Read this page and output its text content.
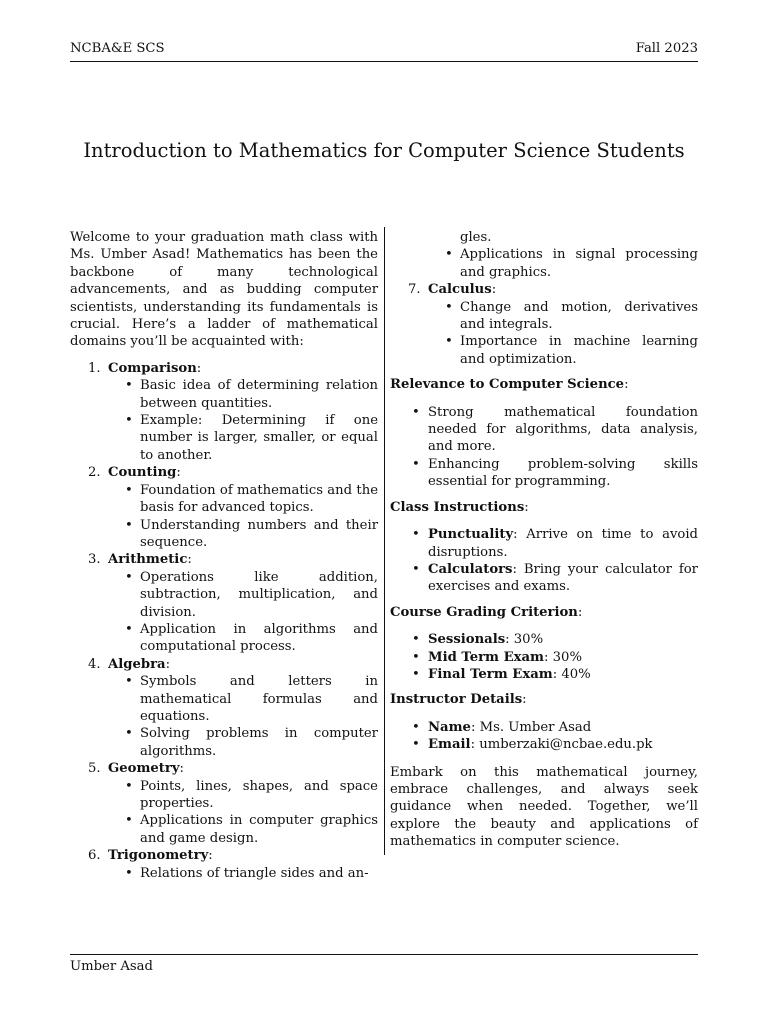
NCBA&E SCS	Fall 2023
Introduction to Mathematics for Computer Science Students

Welcome to your graduation math class with Ms. Umber Asad! Mathematics has been the backbone of many technological advancements, and as budding computer scientists, understanding its fundamentals is crucial. Here’s a ladder of mathematical domains you’ll be acquainted with:

1. Comparison:
• Basic idea of determining relation between quantities.
• Example: Determining if one number is larger, smaller, or equal to another.
2. Counting:
• Foundation of mathematics and the basis for advanced topics.
• Understanding numbers and their sequence.
3. Arithmetic:
• Operations like addition, subtraction, multiplication, and division.
• Application in algorithms and computational process.
4. Algebra:
• Symbols and letters in mathematical formulas and equations.
• Solving problems in computer algorithms.
5. Geometry:
• Points, lines, shapes, and space properties.
• Applications in computer graphics and game design.
6. Trigonometry:
• Relations of triangle sides and an-
gles.
• Applications in signal processing and graphics.
7. Calculus:
• Change and motion, derivatives and integrals.
• Importance in machine learning and optimization.
Relevance to Computer Science:
• Strong mathematical foundation needed for algorithms, data analysis, and more.
• Enhancing problem-solving skills essential for programming.
Class Instructions:
• Punctuality: Arrive on time to avoid disruptions.
• Calculators: Bring your calculator for exercises and exams.
Course Grading Criterion:
• Sessionals: 30%
• Mid Term Exam: 30%
• Final Term Exam: 40%
Instructor Details:
• Name: Ms. Umber Asad
• Email: umberzaki@ncbae.edu.pk

Embark on this mathematical journey, embrace challenges, and always seek guidance when needed. Together, we’ll explore the beauty and applications of mathematics in computer science.

Umber Asad
